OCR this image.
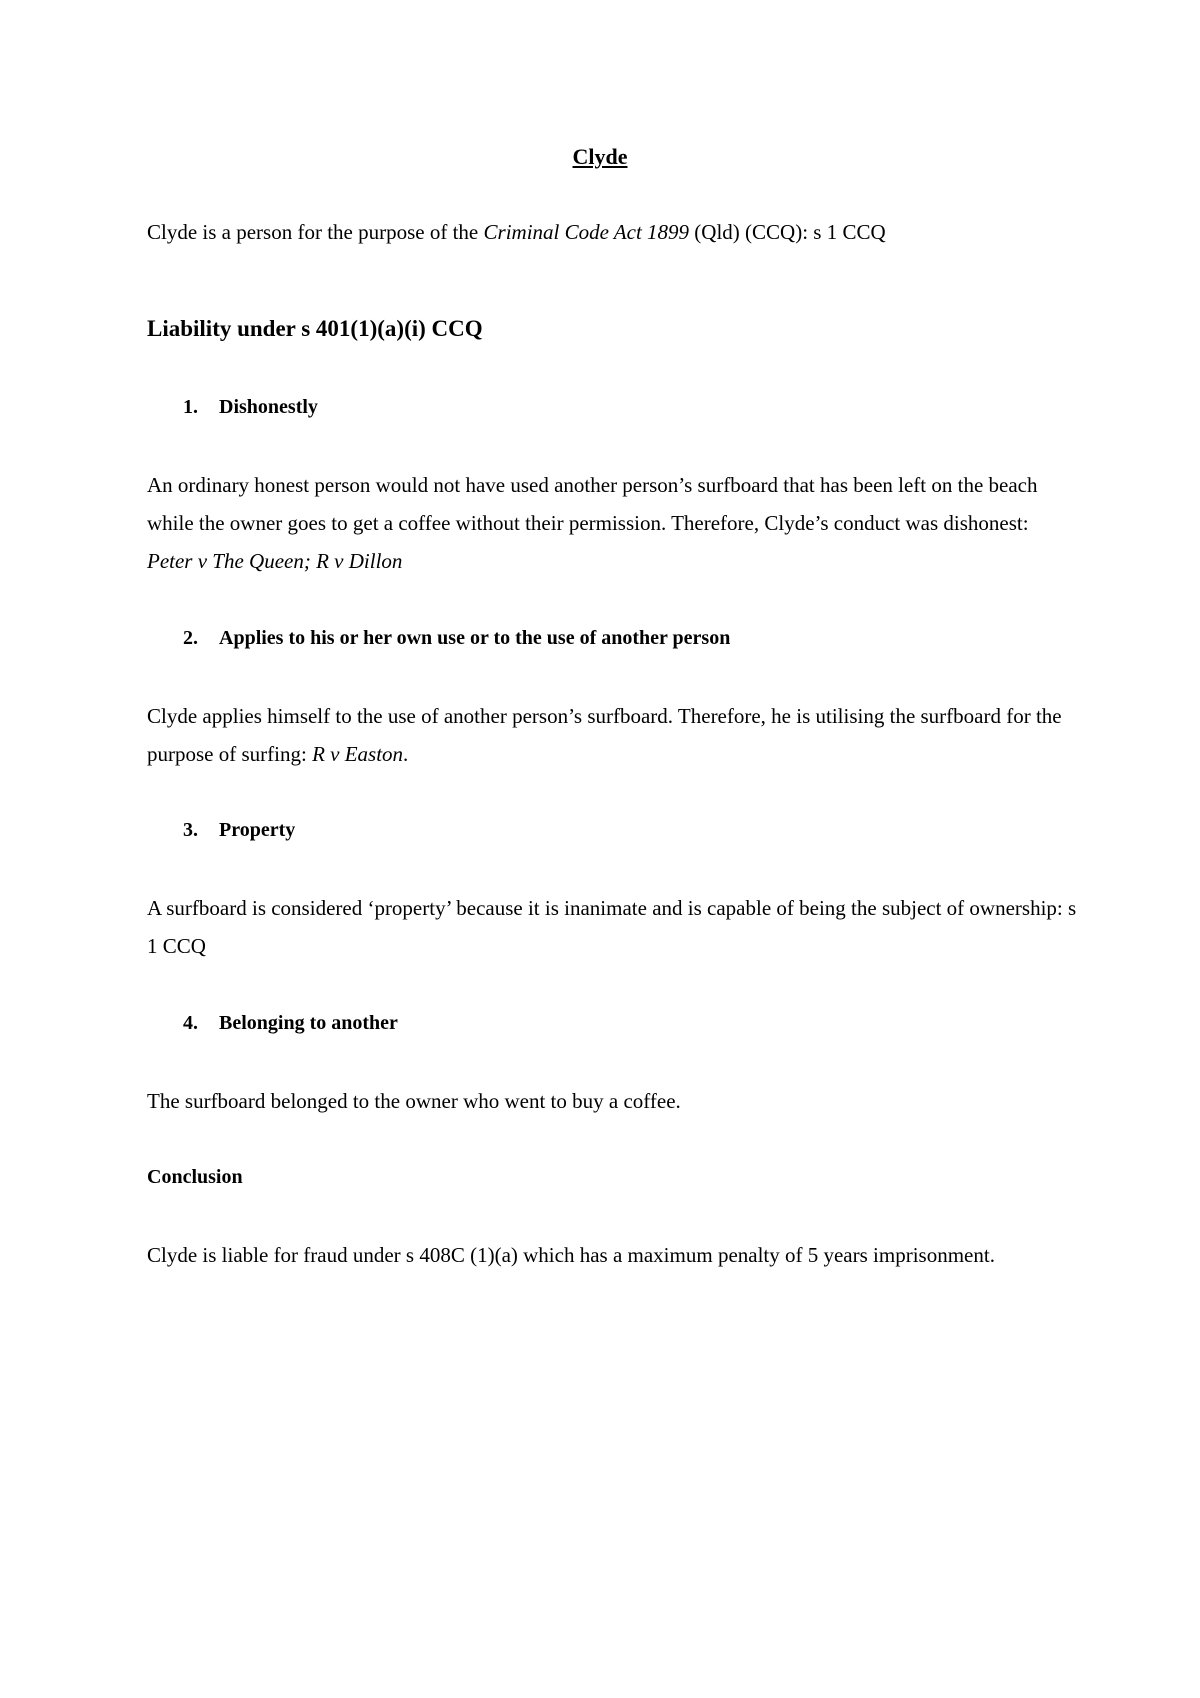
Clyde

Clyde is a person for the purpose of the Criminal Code Act 1899 (Qld) (CCQ): s 1 CCQ

Liability under s 401(1)(a)(i) CCQ
1. Dishonestly

An ordinary honest person would not have used another person’s surfboard that has been left on the beach while the owner goes to get a coffee without their permission. Therefore, Clyde’s conduct was dishonest: Peter v The Queen; R v Dillon

2. Applies to his or her own use or to the use of another person

Clyde applies himself to the use of another person’s surfboard. Therefore, he is utilising the surfboard for the purpose of surfing: R v Easton.

3. Property

A surfboard is considered ‘property’ because it is inanimate and is capable of being the subject of ownership: s 1 CCQ

4. Belonging to another

The surfboard belonged to the owner who went to buy a coffee.

Conclusion

Clyde is liable for fraud under s 408C (1)(a) which has a maximum penalty of 5 years imprisonment.
